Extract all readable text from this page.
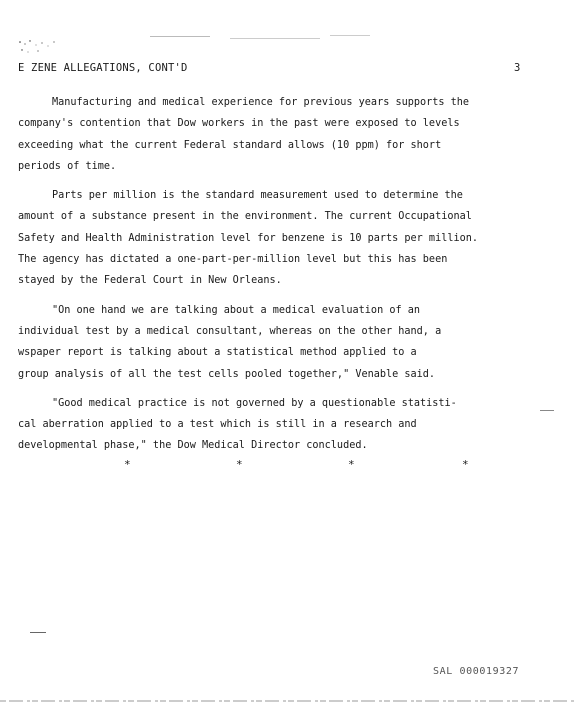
E ZENE ALLEGATIONS, CONT'D	3
Manufacturing and medical experience for previous years supports the
company's contention that Dow workers in the past were exposed to levels
exceeding what the current Federal standard allows (10 ppm) for short
periods of time.
Parts per million is the standard measurement used to determine the
amount of a substance present in the environment. The current Occupational
Safety and Health Administration level for benzene is 10 parts per million.
The agency has dictated a one-part-per-million level but this has been
stayed by the Federal Court in New Orleans.
"On one hand we are talking about a medical evaluation of an
individual test by a medical consultant, whereas on the other hand, a
wspaper report is talking about a statistical method applied to a
group analysis of all the test cells pooled together," Venable said.
"Good medical practice is not governed by a questionable statisti-
cal aberration applied to a test which is still in a research and
developmental phase," the Dow Medical Director concluded.
*	*	*	*
SAL 000019327
